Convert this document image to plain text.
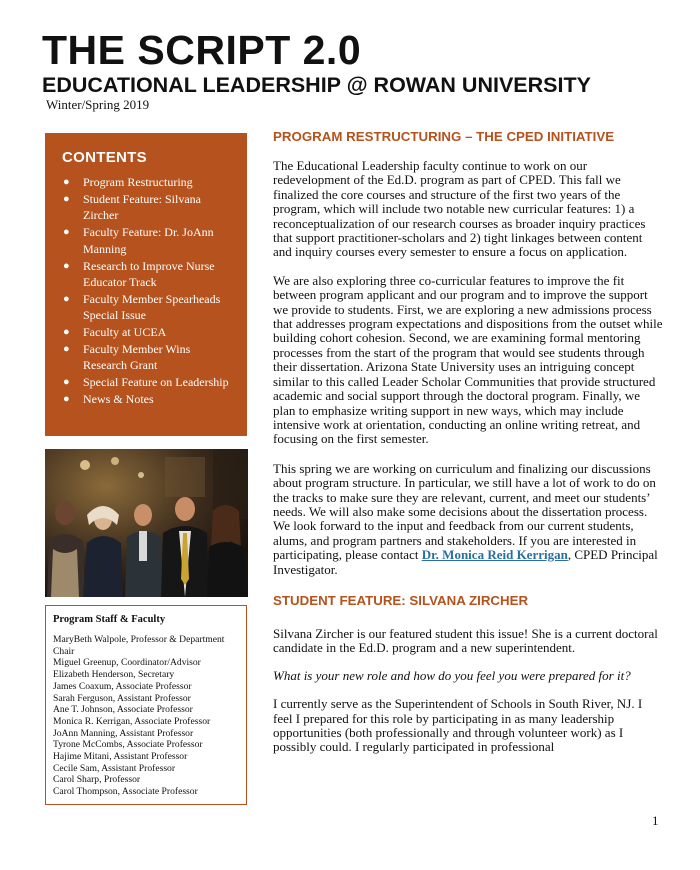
THE SCRIPT 2.0
EDUCATIONAL LEADERSHIP @ ROWAN UNIVERSITY
Winter/Spring 2019
CONTENTS
● Program Restructuring
● Student Feature: Silvana Zircher
● Faculty Feature: Dr. JoAnn Manning
● Research to Improve Nurse Educator Track
● Faculty Member Spearheads Special Issue
● Faculty at UCEA
● Faculty Member Wins Research Grant
● Special Feature on Leadership
● News & Notes
Program Staff & Faculty
MaryBeth Walpole, Professor & Department Chair
Miguel Greenup, Coordinator/Advisor
Elizabeth Henderson, Secretary
James Coaxum, Associate Professor
Sarah Ferguson, Assistant Professor
Ane T. Johnson, Associate Professor
Monica R. Kerrigan, Associate Professor
JoAnn Manning, Assistant Professor
Tyrone McCombs, Associate Professor
Hajime Mitani, Assistant Professor
Cecile Sam, Assistant Professor
Carol Sharp, Professor
Carol Thompson, Associate Professor
PROGRAM RESTRUCTURING – THE CPED INITIATIVE

The Educational Leadership faculty continue to work on our redevelopment of the Ed.D. program as part of CPED. This fall we finalized the core courses and structure of the first two years of the program, which will include two notable new curricular features: 1) a reconceptualization of our research courses as broader inquiry practices that support practitioner-scholars and 2) tight linkages between content and inquiry courses every semester to ensure a focus on application.

We are also exploring three co-curricular features to improve the fit between program applicant and our program and to improve the support we provide to students. First, we are exploring a new admissions process that addresses program expectations and dispositions from the outset while building cohort cohesion. Second, we are examining formal mentoring processes from the start of the program that would see students through their dissertation. Arizona State University uses an intriguing concept similar to this called Leader Scholar Communities that provide structured academic and social support through the doctoral program. Finally, we plan to emphasize writing support in new ways, which may include intensive work at orientation, conducting an online writing retreat, and focusing on the first semester.

This spring we are working on curriculum and finalizing our discussions about program structure. In particular, we still have a lot of work to do on the tracks to make sure they are relevant, current, and meet our students’ needs. We will also make some decisions about the dissertation process. We look forward to the input and feedback from our current students, alums, and program partners and stakeholders. If you are interested in participating, please contact Dr. Monica Reid Kerrigan, CPED Principal Investigator.

STUDENT FEATURE: SILVANA ZIRCHER

Silvana Zircher is our featured student this issue! She is a current doctoral candidate in the Ed.D. program and a new superintendent.

What is your new role and how do you feel you were prepared for it?

I currently serve as the Superintendent of Schools in South River, NJ. I feel I prepared for this role by participating in as many leadership opportunities (both professionally and through volunteer work) as I possibly could. I regularly participated in professional

1
